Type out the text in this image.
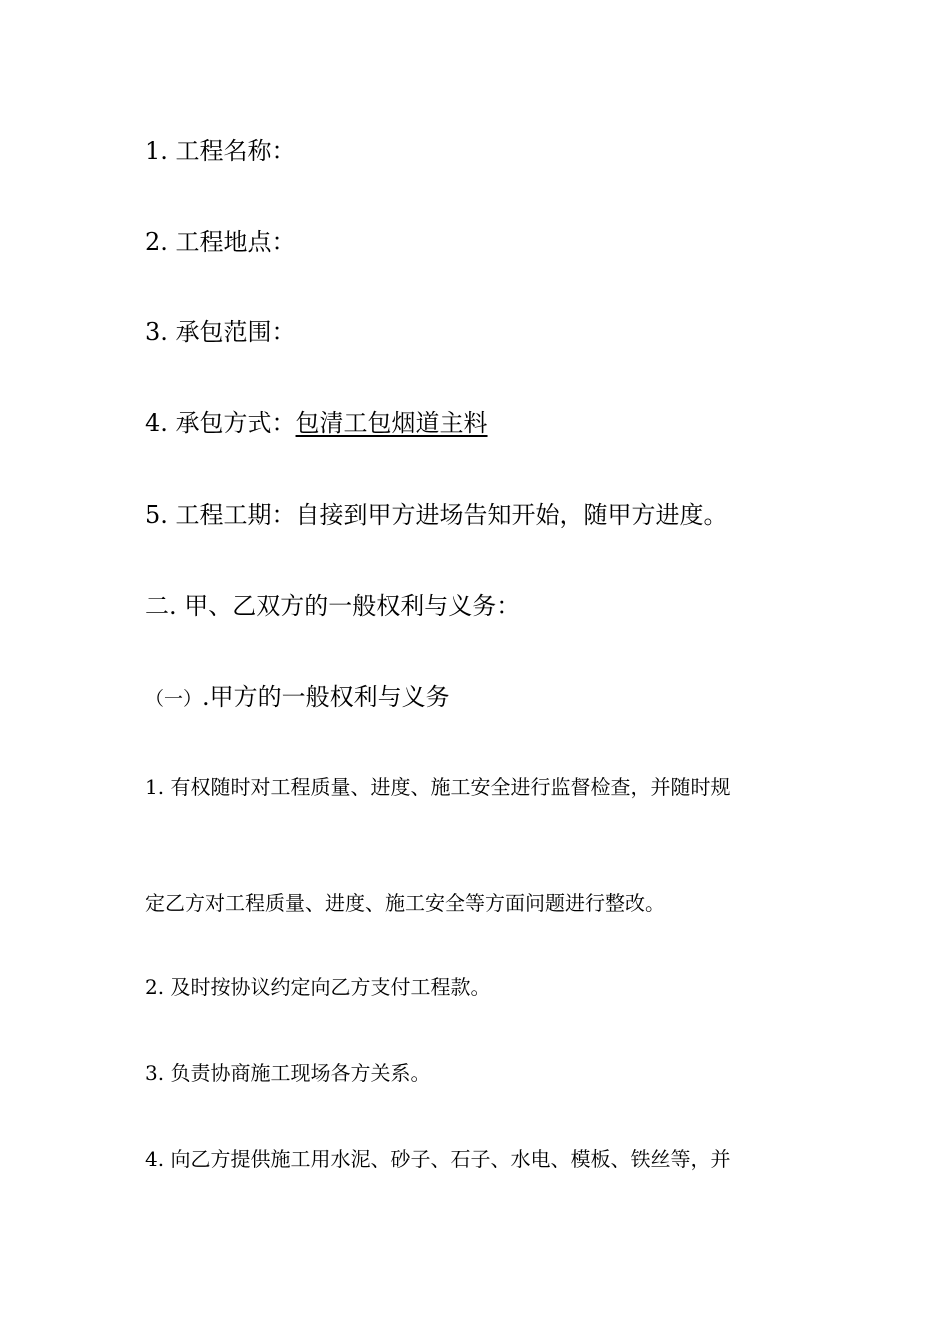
1. 工程名称：
2. 工程地点：
3. 承包范围：
4. 承包方式：包清工包烟道主料
5. 工程工期：自接到甲方进场告知开始，随甲方进度。
二. 甲、乙双方的一般权利与义务：
（一）.甲方的一般权利与义务
1. 有权随时对工程质量、进度、施工安全进行监督检查，并随时规
定乙方对工程质量、进度、施工安全等方面问题进行整改。
2. 及时按协议约定向乙方支付工程款。
3. 负责协商施工现场各方关系。
4. 向乙方提供施工用水泥、砂子、石子、水电、模板、铁丝等，并
